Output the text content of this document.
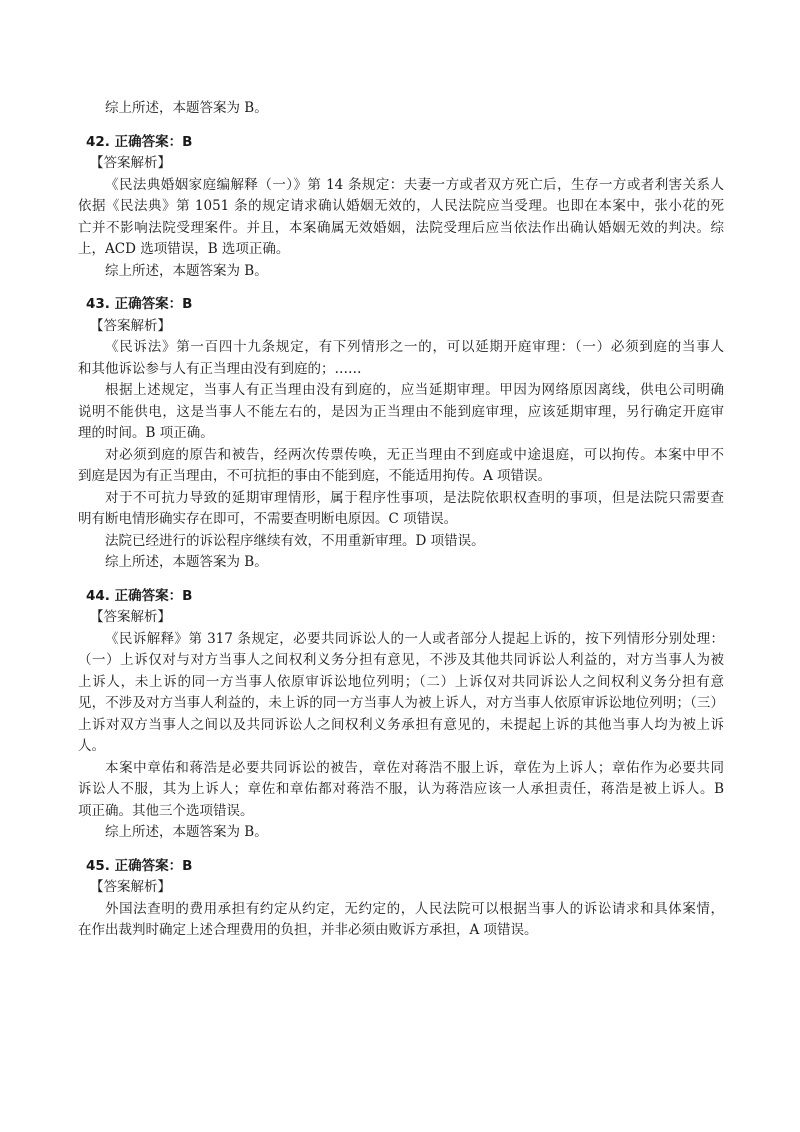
综上所述，本题答案为 B。
42. 正确答案：B
【答案解析】
《民法典婚姻家庭编解释（一）》第 14 条规定：夫妻一方或者双方死亡后，生存一方或者利害关系人
依据《民法典》第 1051 条的规定请求确认婚姻无效的，人民法院应当受理。也即在本案中，张小花的死
亡并不影响法院受理案件。并且，本案确属无效婚姻，法院受理后应当依法作出确认婚姻无效的判决。综
上，ACD 选项错误，B 选项正确。
综上所述，本题答案为 B。
43. 正确答案：B
【答案解析】
《民诉法》第一百四十九条规定，有下列情形之一的，可以延期开庭审理：（一）必须到庭的当事人
和其他诉讼参与人有正当理由没有到庭的；……
根据上述规定，当事人有正当理由没有到庭的，应当延期审理。甲因为网络原因离线，供电公司明确
说明不能供电，这是当事人不能左右的，是因为正当理由不能到庭审理，应该延期审理，另行确定开庭审
理的时间。B 项正确。
对必须到庭的原告和被告，经两次传票传唤，无正当理由不到庭或中途退庭，可以拘传。本案中甲不
到庭是因为有正当理由，不可抗拒的事由不能到庭，不能适用拘传。A 项错误。
对于不可抗力导致的延期审理情形，属于程序性事项，是法院依职权查明的事项，但是法院只需要查
明有断电情形确实存在即可，不需要查明断电原因。C 项错误。
法院已经进行的诉讼程序继续有效，不用重新审理。D 项错误。
综上所述，本题答案为 B。
44. 正确答案：B
【答案解析】
《民诉解释》第 317 条规定，必要共同诉讼人的一人或者部分人提起上诉的，按下列情形分别处理：
（一）上诉仅对与对方当事人之间权利义务分担有意见，不涉及其他共同诉讼人利益的，对方当事人为被
上诉人，未上诉的同一方当事人依原审诉讼地位列明；（二）上诉仅对共同诉讼人之间权利义务分担有意
见，不涉及对方当事人利益的，未上诉的同一方当事人为被上诉人，对方当事人依原审诉讼地位列明；（三）
上诉对双方当事人之间以及共同诉讼人之间权利义务承担有意见的，未提起上诉的其他当事人均为被上诉
人。
本案中章佑和蒋浩是必要共同诉讼的被告，章佐对蒋浩不服上诉，章佐为上诉人；章佑作为必要共同
诉讼人不服，其为上诉人；章佐和章佑都对蒋浩不服，认为蒋浩应该一人承担责任，蒋浩是被上诉人。B
项正确。其他三个选项错误。
综上所述，本题答案为 B。
45. 正确答案：B
【答案解析】
外国法查明的费用承担有约定从约定，无约定的，人民法院可以根据当事人的诉讼请求和具体案情，
在作出裁判时确定上述合理费用的负担，并非必须由败诉方承担，A 项错误。
